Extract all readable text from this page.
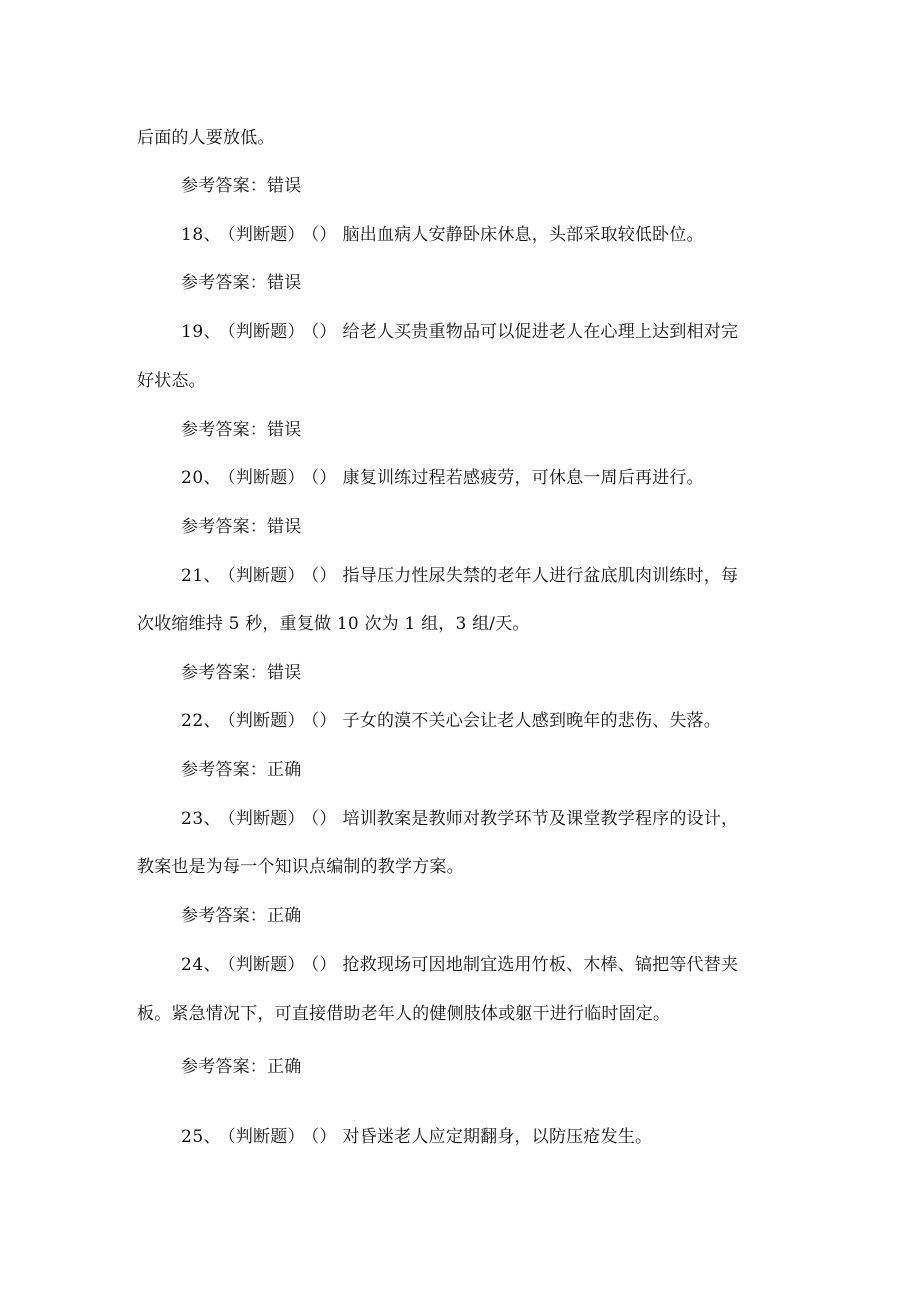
后面的人要放低。
参考答案：错误
18、 （判断题） （） 脑出血病人安静卧床休息，头部采取较低卧位。
参考答案：错误
19、 （判断题） （） 给老人买贵重物品可以促进老人在心理上达到相对完
好状态。
参考答案：错误
20、 （判断题） （） 康复训练过程若感疲劳，可休息一周后再进行。
参考答案：错误
21、 （判断题） （） 指导压力性尿失禁的老年人进行盆底肌肉训练时，每
次收缩维持 5 秒，重复做 10 次为 1 组，3 组/天。
参考答案：错误
22、 （判断题） （） 子女的漠不关心会让老人感到晚年的悲伤、失落。
参考答案：正确
23、 （判断题） （） 培训教案是教师对教学环节及课堂教学程序的设计，
教案也是为每一个知识点编制的教学方案。
参考答案：正确
24、 （判断题） （） 抢救现场可因地制宜选用竹板、木棒、镐把等代替夹
板。紧急情况下，可直接借助老年人的健侧肢体或躯干进行临时固定。
参考答案：正确
25、 （判断题） （） 对昏迷老人应定期翻身，以防压疮发生。
